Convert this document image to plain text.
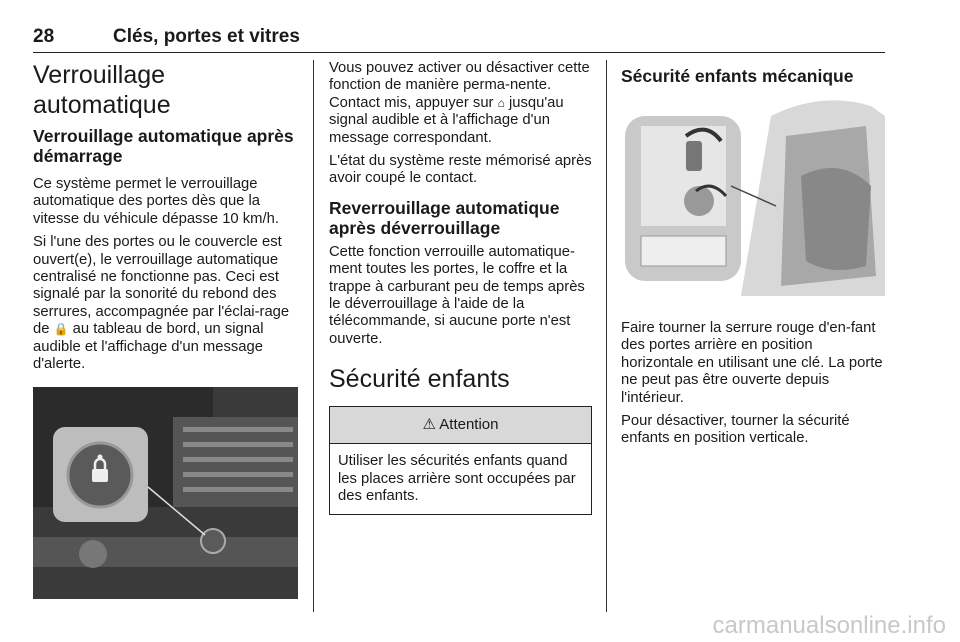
28	Clés, portes et vitres
Verrouillage automatique
Verrouillage automatique après démarrage

Ce système permet le verrouillage automatique des portes dès que la vitesse du véhicule dépasse 10 km/h.

Si l'une des portes ou le couvercle est ouvert(e), le verrouillage automatique centralisé ne fonctionne pas. Ceci est signalé par la sonorité du rebond des serrures, accompagnée par l'éclai-rage de 🔒 au tableau de bord, un signal audible et l'affichage d'un message d'alerte.

Vous pouvez activer ou désactiver cette fonction de manière perma-nente. Contact mis, appuyer sur ⌂ jusqu'au signal audible et à l'affichage d'un message correspondant.

L'état du système reste mémorisé après avoir coupé le contact.

Reverrouillage automatique après déverrouillage

Cette fonction verrouille automatique-ment toutes les portes, le coffre et la trappe à carburant peu de temps après le déverrouillage à l'aide de la télécommande, si aucune porte n'est ouverte.

Sécurité enfants
⚠ Attention

Utiliser les sécurités enfants quand les places arrière sont occupées par des enfants.

Sécurité enfants mécanique

Faire tourner la serrure rouge d'en-fant des portes arrière en position horizontale en utilisant une clé. La porte ne peut pas être ouverte depuis l'intérieur.

Pour désactiver, tourner la sécurité enfants en position verticale.

carmanualsonline.info
